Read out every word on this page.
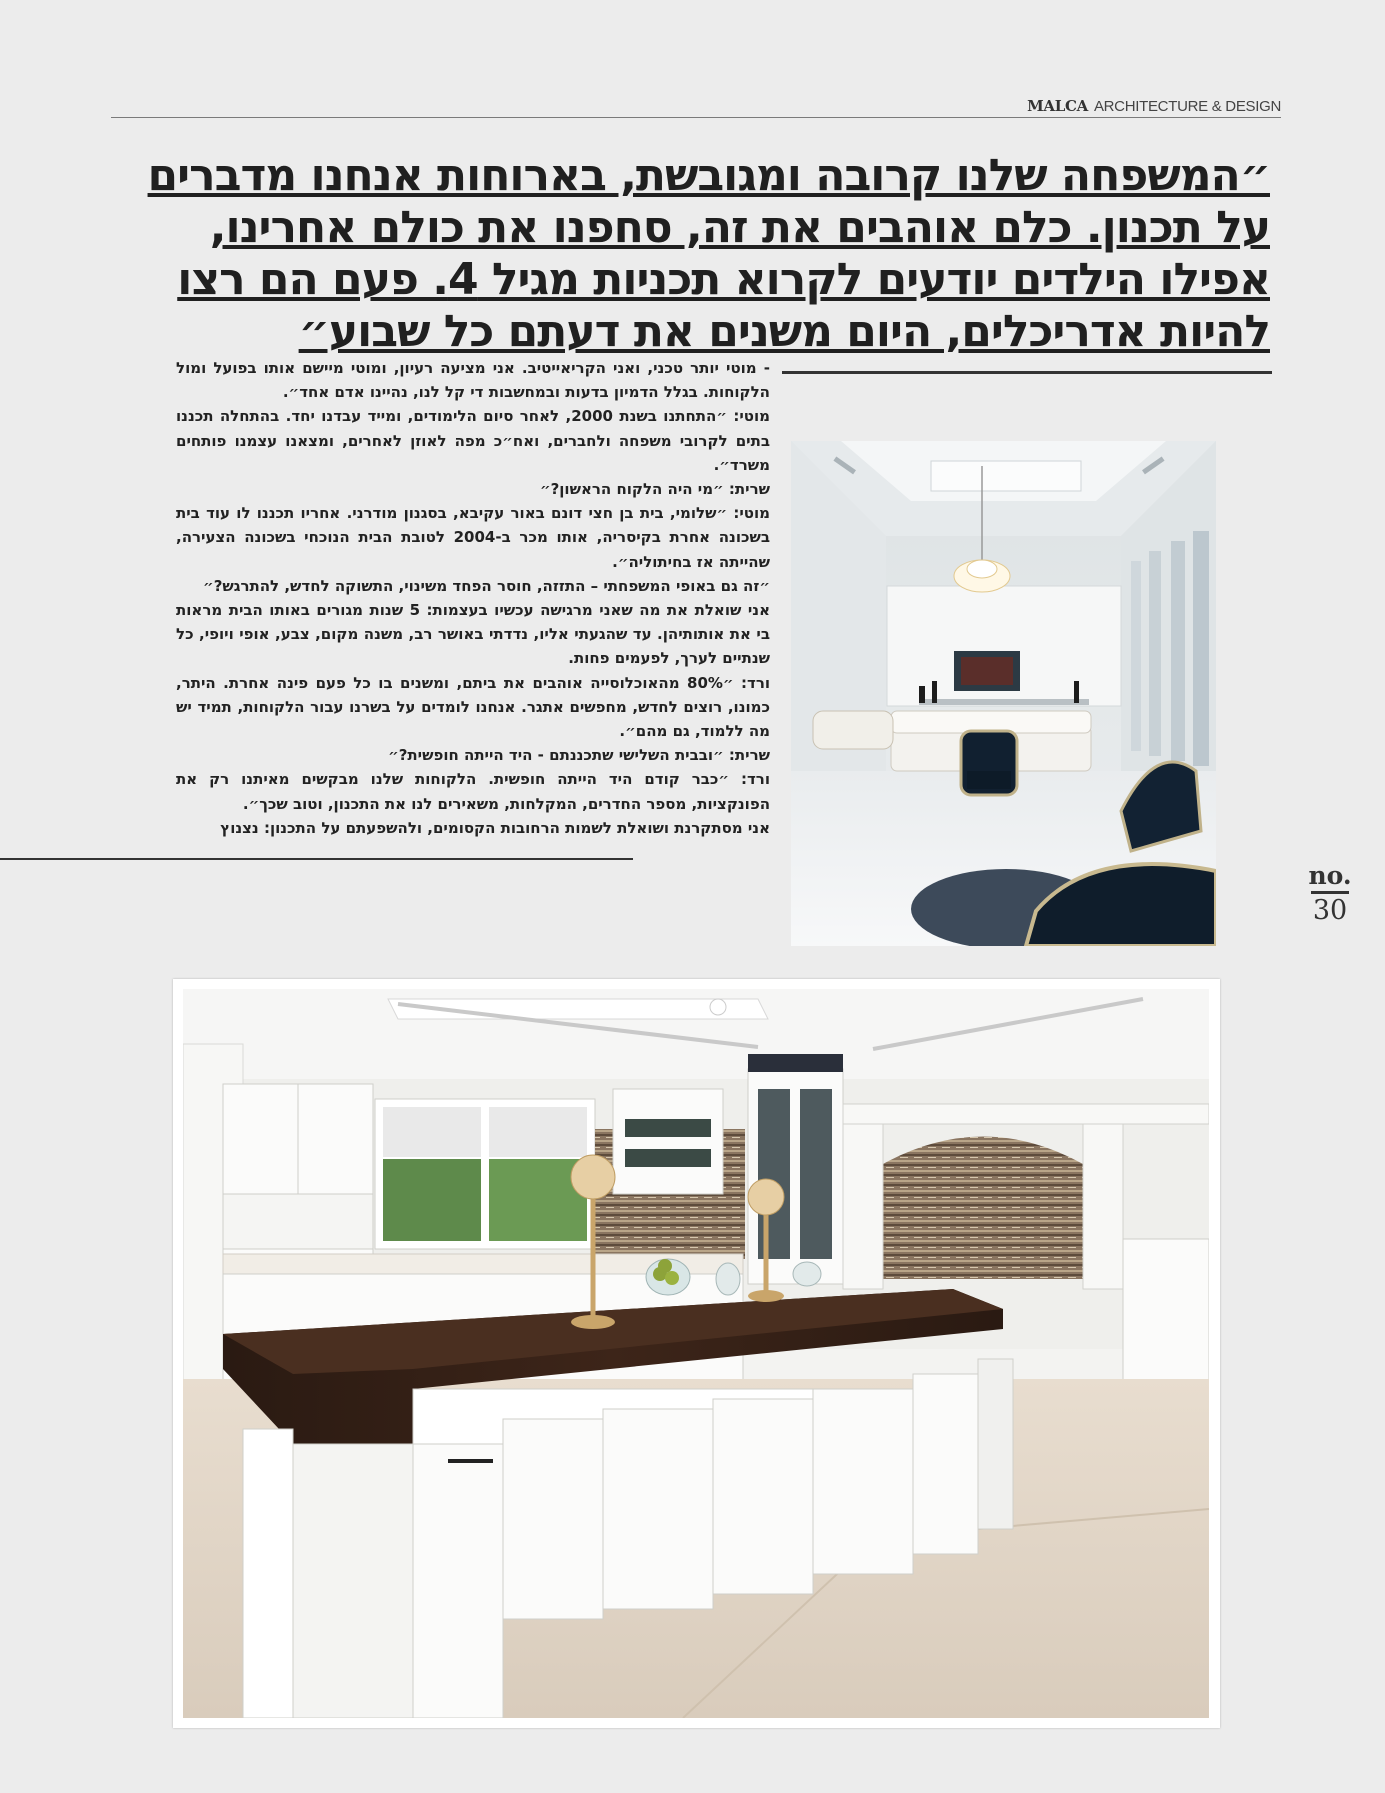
MALCA ARCHITECTURE & DESIGN
״המשפחה שלנו קרובה ומגובשת, בארוחות אנחנו מדברים
על תכנון. כלם אוהבים את זה, סחפנו את כולם אחרינו,
אפילו הילדים יודעים לקרוא תכניות מגיל 4. פעם הם רצו
להיות אדריכלים, היום משנים את דעתם כל שבוע״

- מוטי יותר טכני, ואני הקריאייטיב. אני מציעה רעיון, ומוטי מיישם אותו בפועל ומול הלקוחות. בגלל הדמיון בדעות ובמחשבות די קל לנו, נהיינו אדם אחד״.

מוטי: ״התחתנו בשנת 2000, לאחר סיום הלימודים, ומייד עבדנו יחד. בהתחלה תכננו בתים לקרובי משפחה ולחברים, ואח״כ מפה לאוזן לאחרים, ומצאנו עצמנו פותחים משרד״.

שרית: ״מי היה הלקוח הראשון?״

מוטי: ״שלומי, בית בן חצי דונם באור עקיבא, בסגנון מודרני. אחריו תכננו לו עוד בית בשכונה אחרת בקיסריה, אותו מכר ב-2004 לטובת הבית הנוכחי בשכונה הצעירה, שהייתה אז בחיתוליה״.

״זה גם באופי המשפחתי – התזזה, חוסר הפחד משינוי, התשוקה לחדש, להתרגש?״

אני שואלת את מה שאני מרגישה עכשיו בעצמות: 5 שנות מגורים באותו הבית מראות בי את אותותיהן. עד שהגעתי אליו, נדדתי באושר רב, משנה מקום, צבע, אופי ויופי, כל שנתיים לערך, לפעמים פחות.

ורד: ״80% מהאוכלוסייה אוהבים את ביתם, ומשנים בו כל פעם פינה אחרת. היתר, כמונו, רוצים לחדש, מחפשים אתגר. אנחנו לומדים על בשרנו עבור הלקוחות, תמיד יש מה ללמוד, גם מהם״.

שרית: ״ובבית השלישי שתכננתם - היד הייתה חופשית?״

ורד: ״כבר קודם היד הייתה חופשית. הלקוחות שלנו מבקשים מאיתנו רק את הפונקציות, מספר החדרים, המקלחות, משאירים לנו את התכנון, וטוב שכך״.

אני מסתקרנת ושואלת לשמות הרחובות הקסומים, ולהשפעתם על התכנון: נצנוץ

no.
30
